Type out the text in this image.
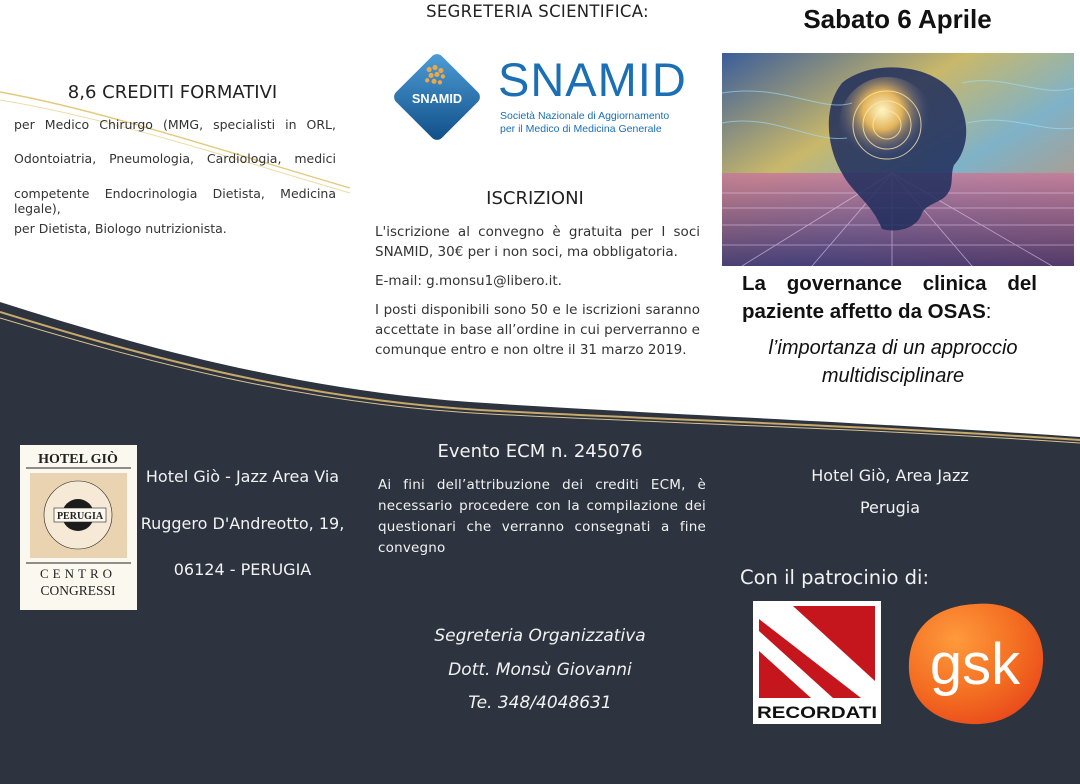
8,6 CREDITI FORMATIVI
per Medico Chirurgo (MMG, specialisti in ORL,
Odontoiatria, Pneumologia, Cardiologia, medici
competente Endocrinologia Dietista, Medicina legale),
per Dietista, Biologo nutrizionista.
SEGRETERIA SCIENTIFICA:
SNAMID SNAMID
Società Nazionale di Aggiornamento
per il Medico di Medicina Generale
ISCRIZIONI
L'iscrizione al convegno è gratuita per I soci SNAMID, 30€ per i non soci, ma obbligatoria.
E-mail: g.monsu1@libero.it.
I posti disponibili sono 50 e le iscrizioni saranno accettate in base all’ordine in cui perverranno e comunque entro e non oltre il 31 marzo 2019.
Sabato 6 Aprile
La governance clinica del
paziente affetto da OSAS:
l’importanza di un approccio
multidisciplinare
HOTEL GIÒ
PERUGIA
CENTRO
CONGRESSI
Hotel Giò - Jazz Area Via
Ruggero D'Andreotto, 19,
06124 - PERUGIA
Evento ECM n. 245076
Ai fini dell’attribuzione dei crediti ECM, è necessario procedere con la compilazione dei questionari che verranno consegnati a fine convegno
Segreteria Organizzativa
Dott. Monsù Giovanni
Te. 348/4048631
Hotel Giò, Area Jazz
Perugia
Con il patrocinio di:
RECORDATI
gsk
